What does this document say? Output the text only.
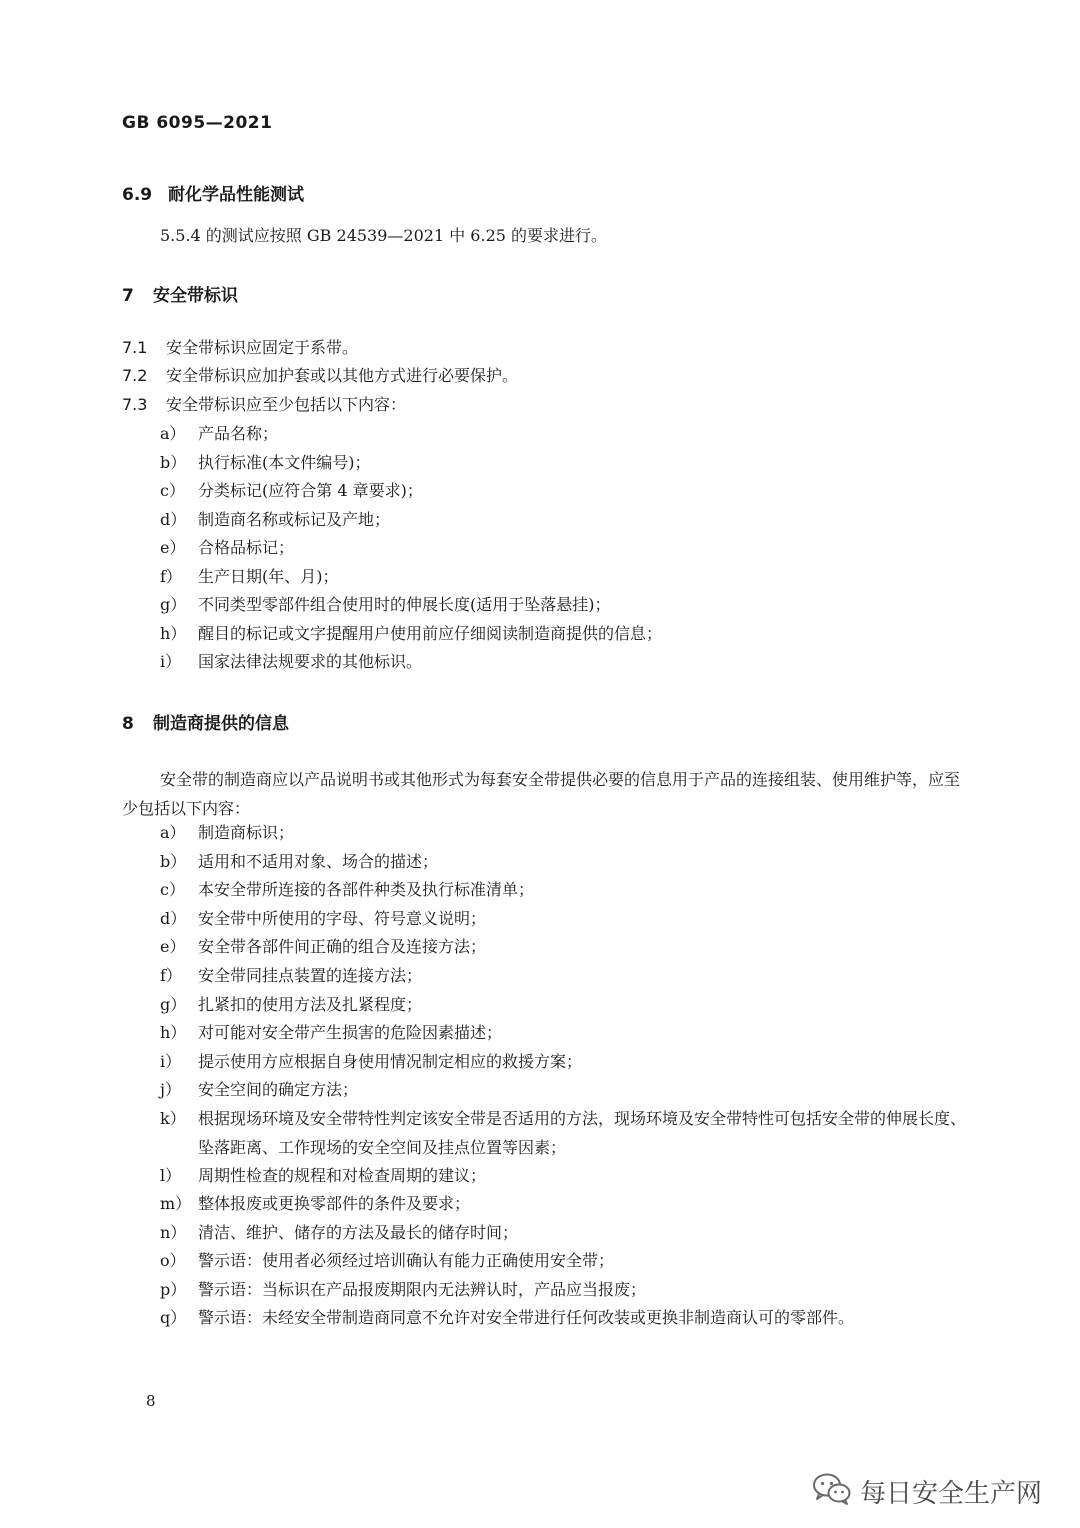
GB 6095—2021
6.9 耐化学品性能测试
5.5.4 的测试应按照 GB 24539—2021 中 6.25 的要求进行。
7 安全带标识
7.1 安全带标识应固定于系带。
7.2 安全带标识应加护套或以其他方式进行必要保护。
7.3 安全带标识应至少包括以下内容：
a） 产品名称；
b） 执行标准(本文件编号)；
c） 分类标记(应符合第 4 章要求)；
d） 制造商名称或标记及产地；
e） 合格品标记；
f）	生产日期(年、月)；
g） 不同类型零部件组合使用时的伸展长度(适用于坠落悬挂)；
h） 醒目的标记或文字提醒用户使用前应仔细阅读制造商提供的信息；
i）	国家法律法规要求的其他标识。
8 制造商提供的信息
安全带的制造商应以产品说明书或其他形式为每套安全带提供必要的信息用于产品的连接组装、使用维护等，应至少包括以下内容：
a） 制造商标识；
b） 适用和不适用对象、场合的描述；
c） 本安全带所连接的各部件种类及执行标准清单；
d） 安全带中所使用的字母、符号意义说明；
e） 安全带各部件间正确的组合及连接方法；
f）	安全带同挂点装置的连接方法；
g） 扎紧扣的使用方法及扎紧程度；
h） 对可能对安全带产生损害的危险因素描述；
i）	提示使用方应根据自身使用情况制定相应的救援方案；
j）	安全空间的确定方法；
k） 根据现场环境及安全带特性判定该安全带是否适用的方法，现场环境及安全带特性可包括安全带的伸展长度、坠落距离、工作现场的安全空间及挂点位置等因素；
l）	周期性检查的规程和对检查周期的建议；
m） 整体报废或更换零部件的条件及要求；
n） 清洁、维护、储存的方法及最长的储存时间；
o） 警示语：使用者必须经过培训确认有能力正确使用安全带；
p） 警示语：当标识在产品报废期限内无法辨认时，产品应当报废；
q） 警示语：未经安全带制造商同意不允许对安全带进行任何改装或更换非制造商认可的零部件。
8
每日安全生产网
